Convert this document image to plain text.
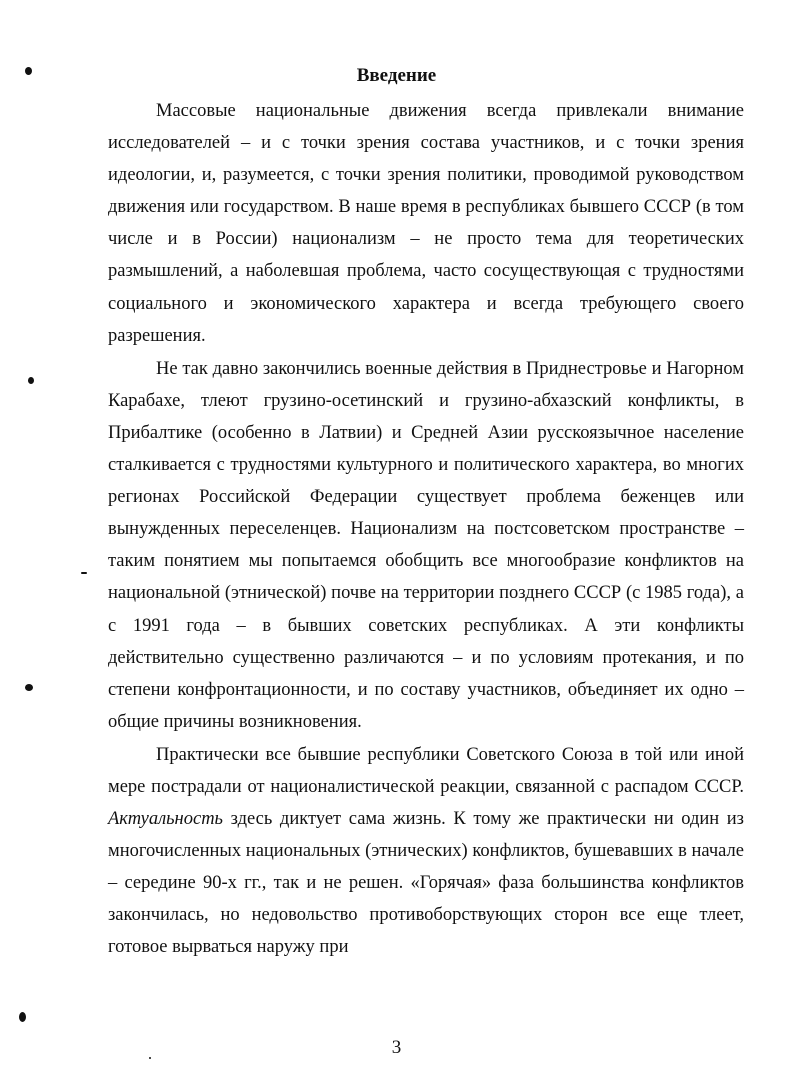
Введение

Массовые национальные движения всегда привлекали внимание исследователей – и с точки зрения состава участников, и с точки зрения идеологии, и, разумеется, с точки зрения политики, проводимой руководством движения или государством. В наше время в республиках бывшего СССР (в том числе и в России) национализм – не просто тема для теоретических размышлений, а наболевшая проблема, часто сосуществующая с трудностями социального и экономического характера и всегда требующего своего разрешения.

Не так давно закончились военные действия в Приднестровье и Нагорном Карабахе, тлеют грузино-осетинский и грузино-абхазский конфликты, в Прибалтике (особенно в Латвии) и Средней Азии русскоязычное население сталкивается с трудностями культурного и политического характера, во многих регионах Российской Федерации существует проблема беженцев или вынужденных переселенцев. Национализм на постсоветском пространстве – таким понятием мы попытаемся обобщить все многообразие конфликтов на национальной (этнической) почве на территории позднего СССР (с 1985 года), а с 1991 года – в бывших советских республиках. А эти конфликты действительно существенно различаются – и по условиям протекания, и по степени конфронтационности, и по составу участников, объединяет их одно – общие причины возникновения.

Практически все бывшие республики Советского Союза в той или иной мере пострадали от националистической реакции, связанной с распадом СССР. Актуальность здесь диктует сама жизнь. К тому же практически ни один из многочисленных национальных (этнических) конфликтов, бушевавших в начале – середине 90-х гг., так и не решен. «Горячая» фаза большинства конфликтов закончилась, но недовольство противоборствующих сторон все еще тлеет, готовое вырваться наружу при

3
